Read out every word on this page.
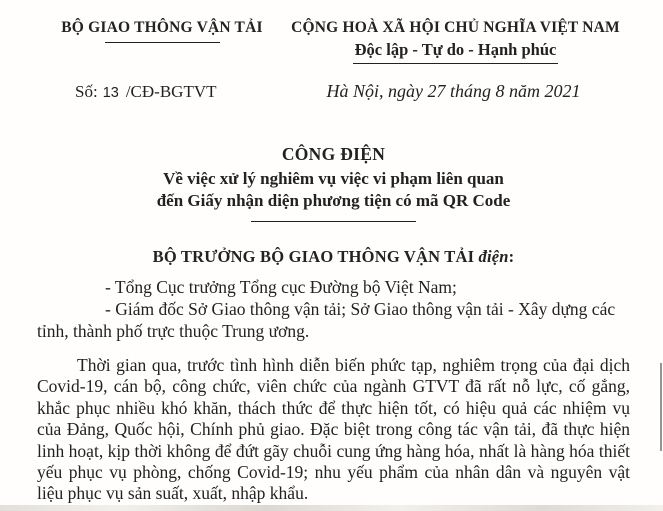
BỘ GIAO THÔNG VẬN TẢI	CỘNG HOÀ XÃ HỘI CHỦ NGHĨA VIỆT NAM
Độc lập - Tự do - Hạnh phúc
Số: 13 /CĐ-BGTVT	Hà Nội, ngày 27 tháng 8 năm 2021
CÔNG ĐIỆN
Về việc xử lý nghiêm vụ việc vi phạm liên quan
đến Giấy nhận diện phương tiện có mã QR Code
BỘ TRƯỞNG BỘ GIAO THÔNG VẬN TẢI điện:

- Tổng Cục trưởng Tổng cục Đường bộ Việt Nam;

- Giám đốc Sở Giao thông vận tải; Sở Giao thông vận tải - Xây dựng các tỉnh, thành phố trực thuộc Trung ương.

Thời gian qua, trước tình hình diễn biến phức tạp, nghiêm trọng của đại dịch Covid-19, cán bộ, công chức, viên chức của ngành GTVT đã rất nỗ lực, cố gắng, khắc phục nhiều khó khăn, thách thức để thực hiện tốt, có hiệu quả các nhiệm vụ của Đảng, Quốc hội, Chính phủ giao. Đặc biệt trong công tác vận tải, đã thực hiện linh hoạt, kịp thời không để đứt gãy chuỗi cung ứng hàng hóa, nhất là hàng hóa thiết yếu phục vụ phòng, chống Covid-19; nhu yếu phẩm của nhân dân và nguyên vật liệu phục vụ sản suất, xuất, nhập khẩu.
